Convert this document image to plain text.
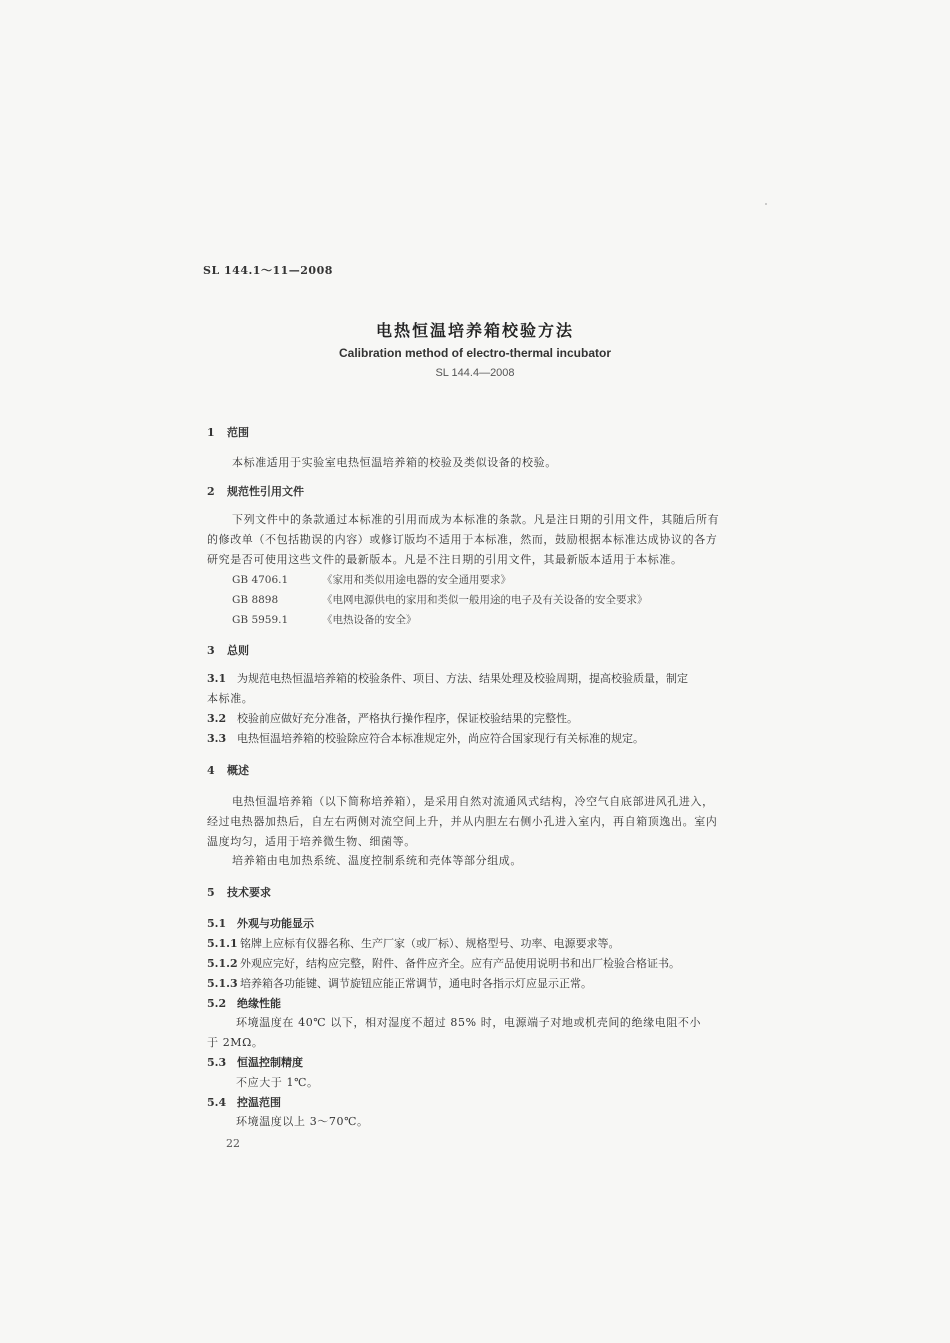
SL 144.1～11—2008
电热恒温培养箱校验方法
Calibration method of electro-thermal incubator
SL 144.4—2008
1 范围
本标准适用于实验室电热恒温培养箱的校验及类似设备的校验。
2 规范性引用文件
下列文件中的条款通过本标准的引用而成为本标准的条款。凡是注日期的引用文件，其随后所有
的修改单（不包括勘误的内容）或修订版均不适用于本标准，然而，鼓励根据本标准达成协议的各方
研究是否可使用这些文件的最新版本。凡是不注日期的引用文件，其最新版本适用于本标准。
GB 4706.1	《家用和类似用途电器的安全通用要求》
GB 8898	《电网电源供电的家用和类似一般用途的电子及有关设备的安全要求》
GB 5959.1	《电热设备的安全》
3 总则
3.1 为规范电热恒温培养箱的校验条件、项目、方法、结果处理及校验周期，提高校验质量，制定
本标准。
3.2 校验前应做好充分准备，严格执行操作程序，保证校验结果的完整性。
3.3 电热恒温培养箱的校验除应符合本标准规定外，尚应符合国家现行有关标准的规定。
4 概述
电热恒温培养箱（以下简称培养箱），是采用自然对流通风式结构，冷空气自底部进风孔进入，
经过电热器加热后，自左右两侧对流空间上升，并从内胆左右侧小孔进入室内，再自箱顶逸出。室内
温度均匀，适用于培养微生物、细菌等。
培养箱由电加热系统、温度控制系统和壳体等部分组成。
5 技术要求
5.1 外观与功能显示
5.1.1 铭牌上应标有仪器名称、生产厂家（或厂标）、规格型号、功率、电源要求等。
5.1.2 外观应完好，结构应完整，附件、备件应齐全。应有产品使用说明书和出厂检验合格证书。
5.1.3 培养箱各功能键、调节旋钮应能正常调节，通电时各指示灯应显示正常。
5.2 绝缘性能
环境温度在 40℃ 以下，相对湿度不超过 85% 时，电源端子对地或机壳间的绝缘电阻不小
于 2MΩ。
5.3 恒温控制精度
不应大于 1℃。
5.4 控温范围
环境温度以上 3～70℃。
22
